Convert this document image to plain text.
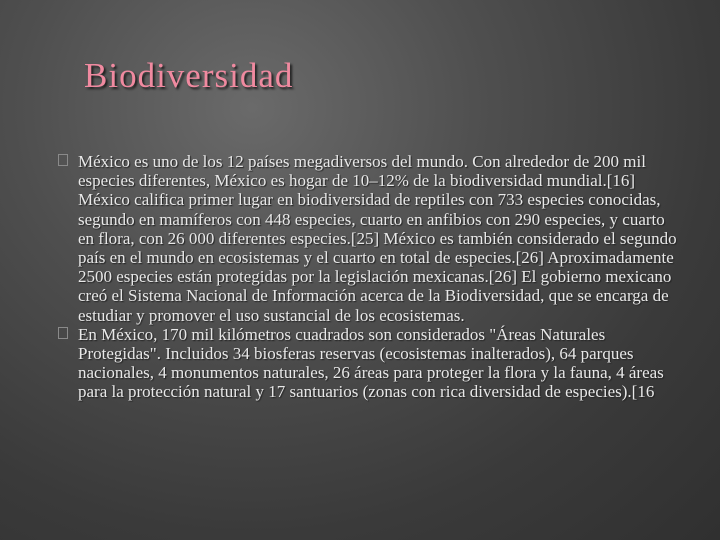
Biodiversidad
México es uno de los 12 países megadiversos del mundo. Con alrededor de 200 mil especies diferentes, México es hogar de 10–12% de la biodiversidad mundial.[16] México califica primer lugar en biodiversidad de reptiles con 733 especies conocidas, segundo en mamíferos con 448 especies, cuarto en anfibios con 290 especies, y cuarto en flora, con 26 000 diferentes especies.[25] México es también considerado el segundo país en el mundo en ecosistemas y el cuarto en total de especies.[26] Aproximadamente 2500 especies están protegidas por la legislación mexicanas.[26] El gobierno mexicano creó el Sistema Nacional de Información acerca de la Biodiversidad, que se encarga de estudiar y promover el uso sustancial de los ecosistemas.
En México, 170 mil kilómetros cuadrados son considerados "Áreas Naturales Protegidas". Incluidos 34 biosferas reservas (ecosistemas inalterados), 64 parques nacionales, 4 monumentos naturales, 26 áreas para proteger la flora y la fauna, 4 áreas para la protección natural y 17 santuarios (zonas con rica diversidad de especies).[16
